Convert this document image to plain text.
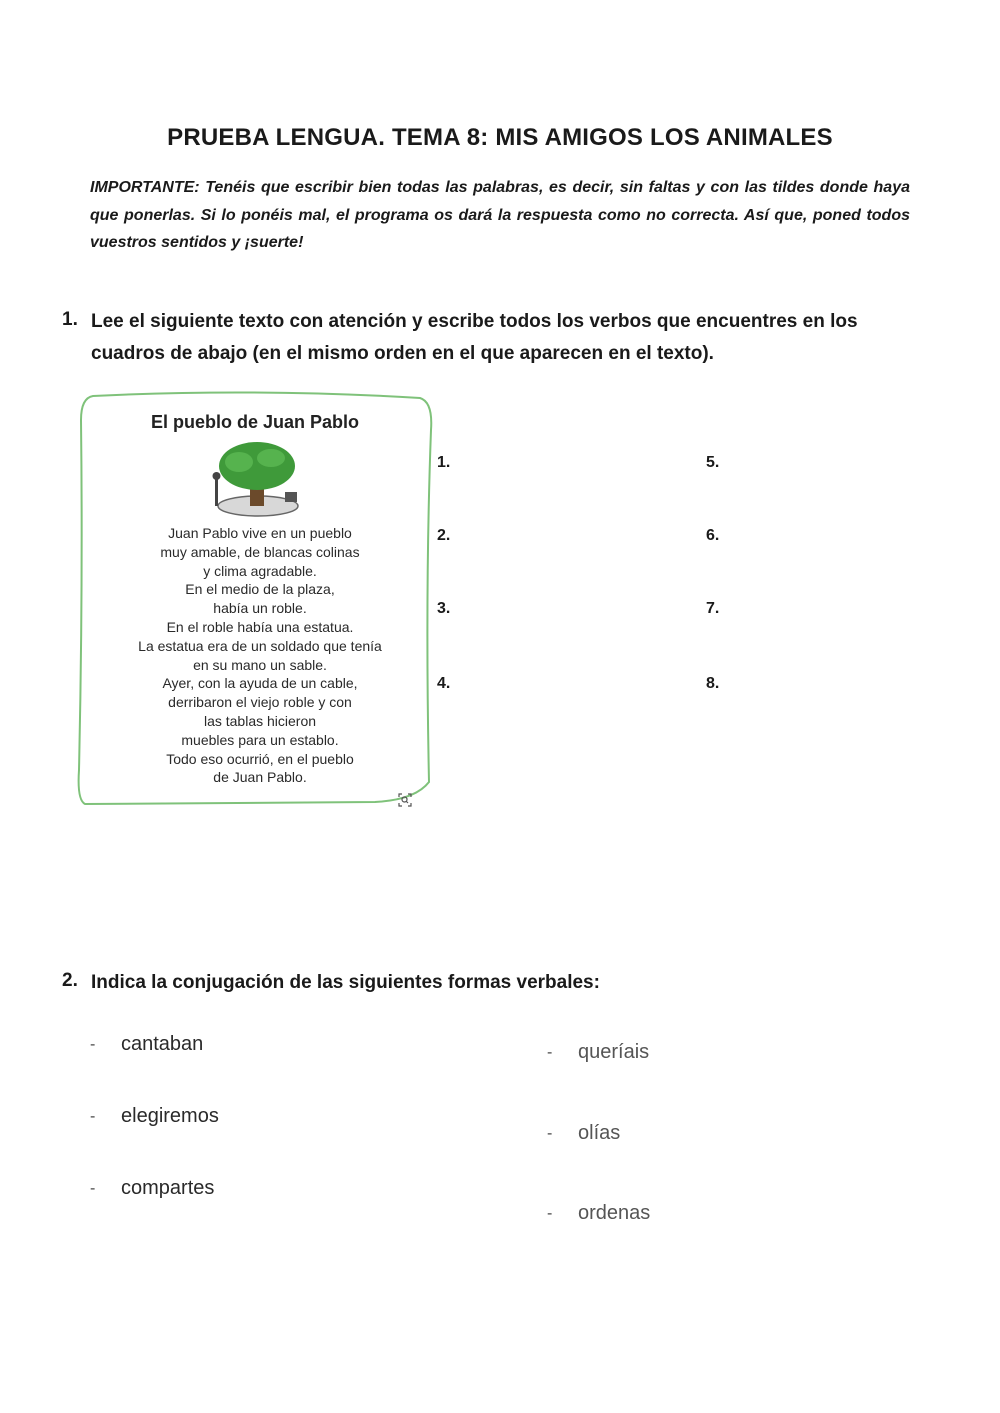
PRUEBA LENGUA. TEMA 8: MIS AMIGOS LOS ANIMALES
IMPORTANTE: Tenéis que escribir bien todas las palabras, es decir, sin faltas y con las tildes donde haya que ponerlas. Si lo ponéis mal, el programa os dará la respuesta como no correcta. Así que, poned todos vuestros sentidos y ¡suerte!
1. Lee el siguiente texto con atención y escribe todos los verbos que encuentres en los cuadros de abajo (en el mismo orden en el que aparecen en el texto).
El pueblo de Juan Pablo
Juan Pablo vive en un pueblo
muy amable, de blancas colinas
y clima agradable.
En el medio de la plaza,
había un roble.
En el roble había una estatua.
La estatua era de un soldado que tenía
en su mano un sable.
Ayer, con la ayuda de un cable,
derribaron el viejo roble y con
las tablas hicieron
muebles para un establo.
Todo eso ocurrió, en el pueblo
de Juan Pablo.
1.
2.
3.
4.
5.
6.
7.
8.
2. Indica la conjugación de las siguientes formas verbales:
- cantaban
- elegiremos
- compartes
- queríais
- olías
- ordenas
